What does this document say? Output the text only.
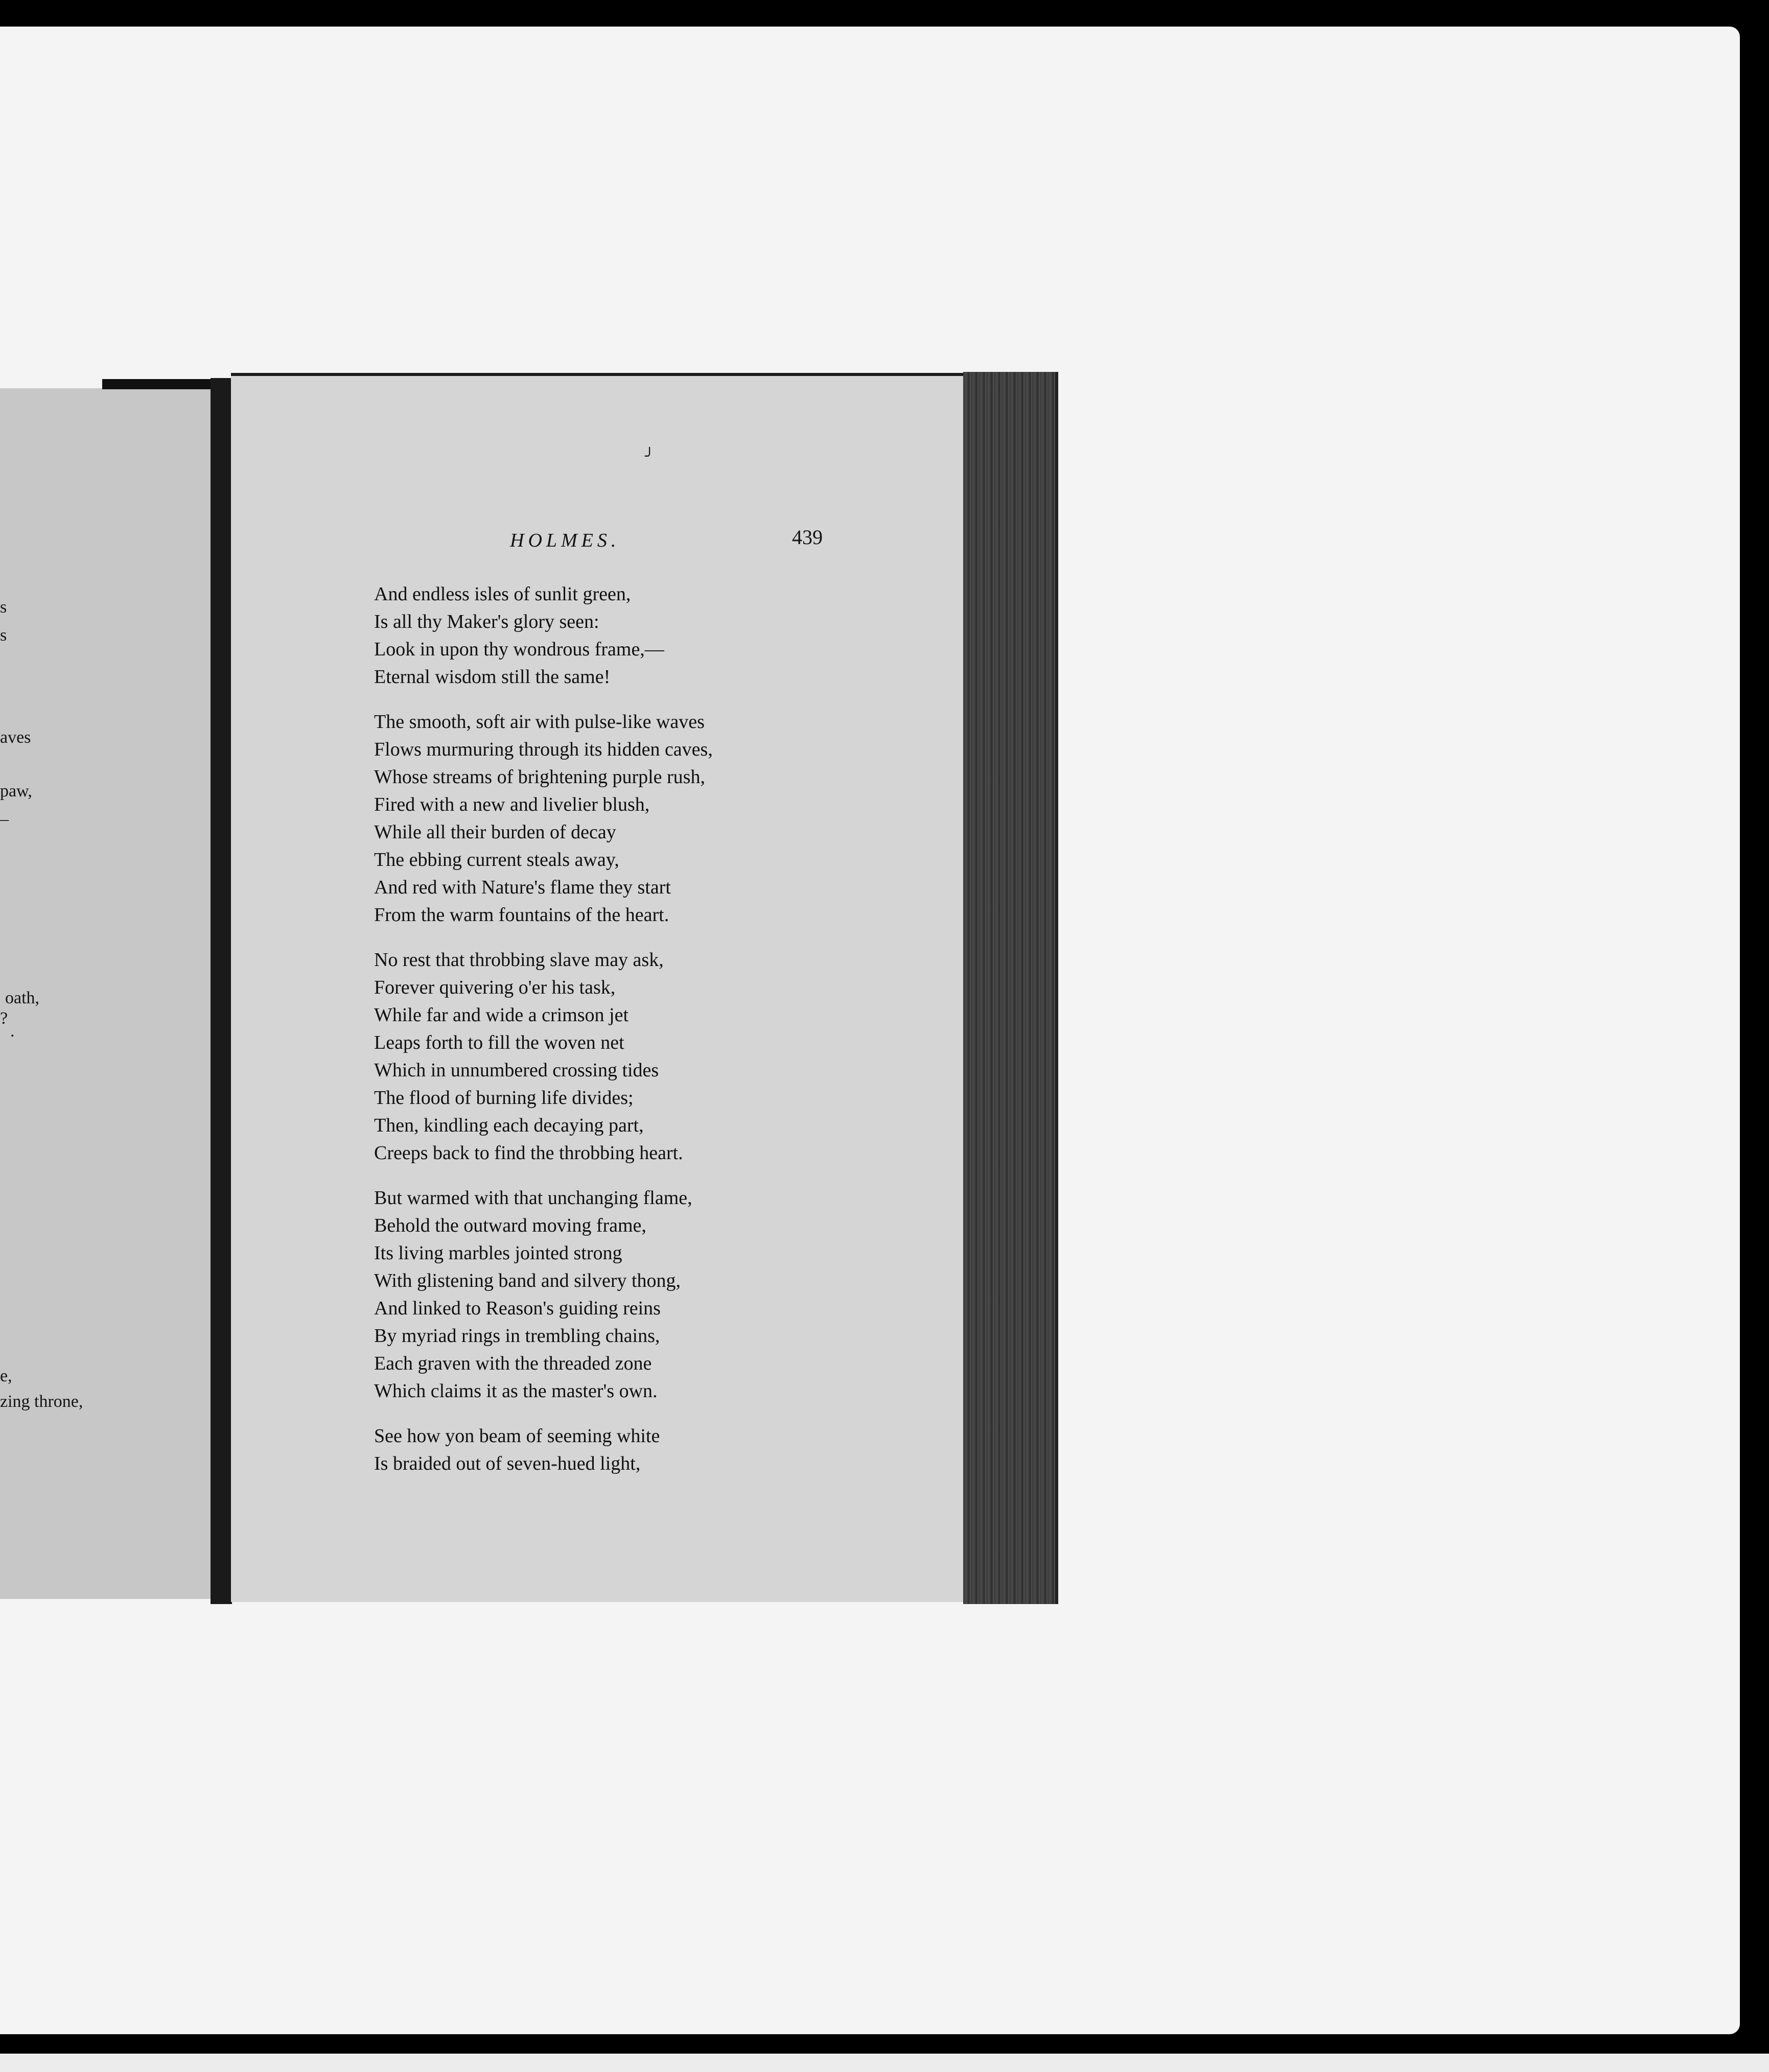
s
s
aves
paw,
–
oath,
?
.
e,
zing throne,
HOLMES.	439
And endless isles of sunlit green,
Is all thy Maker's glory seen:
Look in upon thy wondrous frame,—
Eternal wisdom still the same!
The smooth, soft air with pulse-like waves
Flows murmuring through its hidden caves,
Whose streams of brightening purple rush,
Fired with a new and livelier blush,
While all their burden of decay
The ebbing current steals away,
And red with Nature's flame they start
From the warm fountains of the heart.
No rest that throbbing slave may ask,
Forever quivering o'er his task,
While far and wide a crimson jet
Leaps forth to fill the woven net
Which in unnumbered crossing tides
The flood of burning life divides;
Then, kindling each decaying part,
Creeps back to find the throbbing heart.
But warmed with that unchanging flame,
Behold the outward moving frame,
Its living marbles jointed strong
With glistening band and silvery thong,
And linked to Reason's guiding reins
By myriad rings in trembling chains,
Each graven with the threaded zone
Which claims it as the master's own.
See how yon beam of seeming white
Is braided out of seven-hued light,
╯
